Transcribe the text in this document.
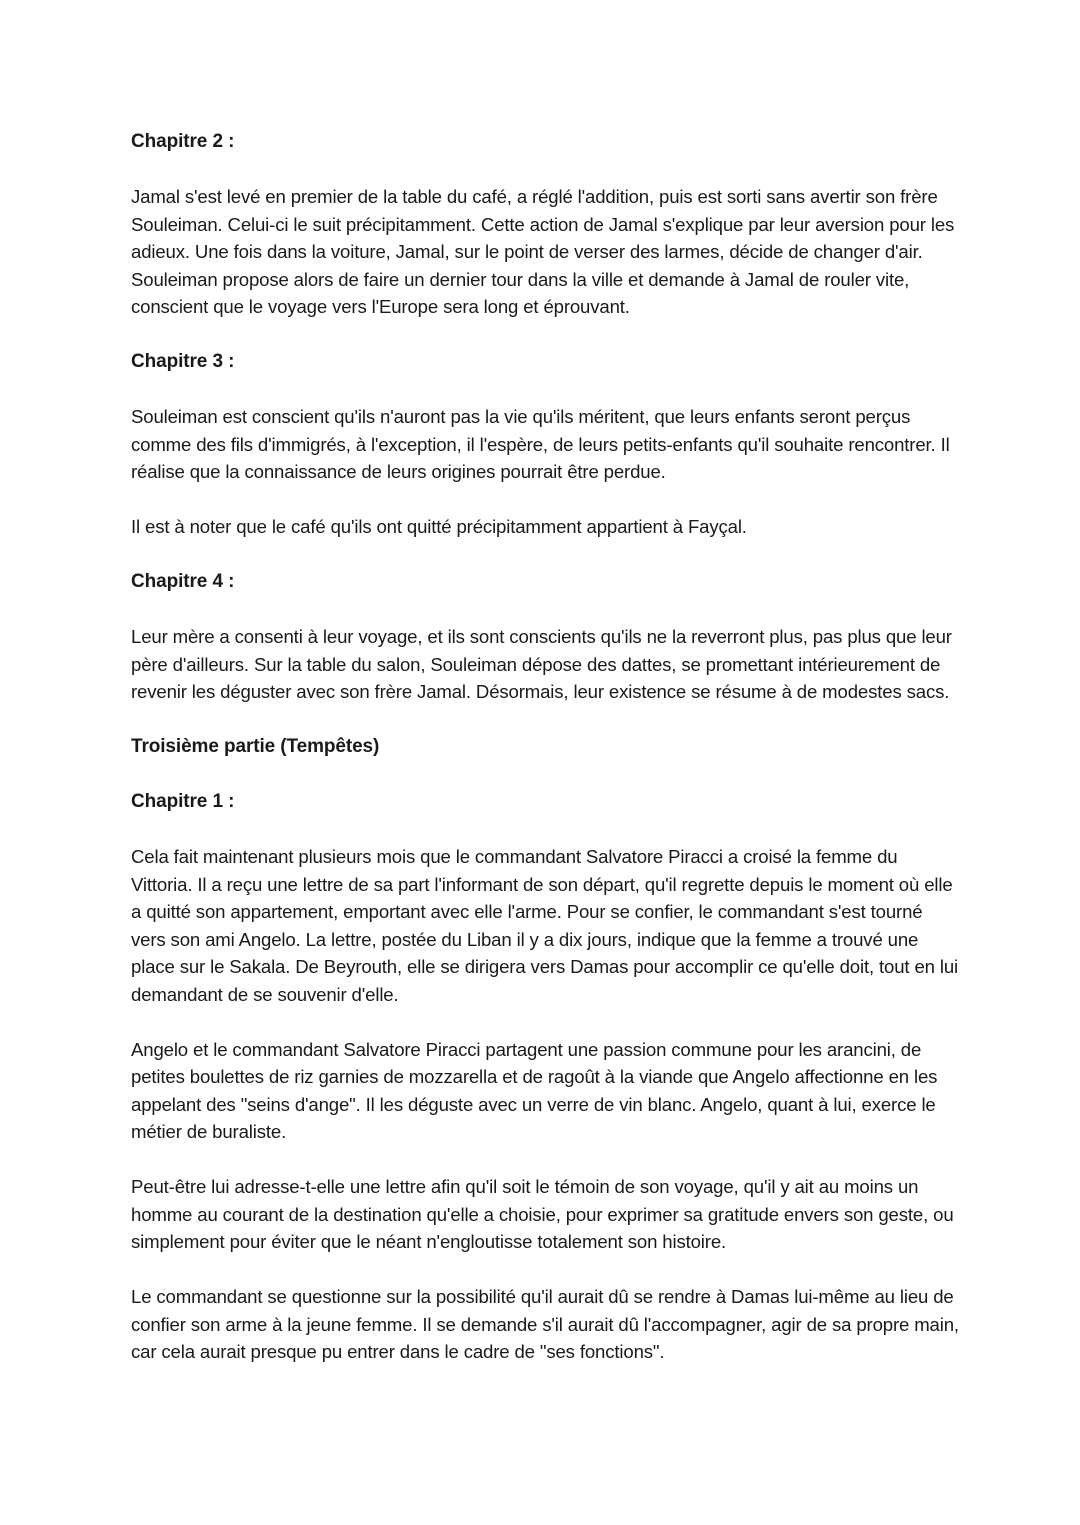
Chapitre 2 :
Jamal s'est levé en premier de la table du café, a réglé l'addition, puis est sorti sans avertir son frère Souleiman. Celui-ci le suit précipitamment. Cette action de Jamal s'explique par leur aversion pour les adieux. Une fois dans la voiture, Jamal, sur le point de verser des larmes, décide de changer d'air. Souleiman propose alors de faire un dernier tour dans la ville et demande à Jamal de rouler vite, conscient que le voyage vers l'Europe sera long et éprouvant.
Chapitre 3 :
Souleiman est conscient qu'ils n'auront pas la vie qu'ils méritent, que leurs enfants seront perçus comme des fils d'immigrés, à l'exception, il l'espère, de leurs petits-enfants qu'il souhaite rencontrer. Il réalise que la connaissance de leurs origines pourrait être perdue.
Il est à noter que le café qu'ils ont quitté précipitamment appartient à Fayçal.
Chapitre 4 :
Leur mère a consenti à leur voyage, et ils sont conscients qu'ils ne la reverront plus, pas plus que leur père d'ailleurs. Sur la table du salon, Souleiman dépose des dattes, se promettant intérieurement de revenir les déguster avec son frère Jamal. Désormais, leur existence se résume à de modestes sacs.
Troisième partie (Tempêtes)
Chapitre 1 :
Cela fait maintenant plusieurs mois que le commandant Salvatore Piracci a croisé la femme du Vittoria. Il a reçu une lettre de sa part l'informant de son départ, qu'il regrette depuis le moment où elle a quitté son appartement, emportant avec elle l'arme. Pour se confier, le commandant s'est tourné vers son ami Angelo. La lettre, postée du Liban il y a dix jours, indique que la femme a trouvé une place sur le Sakala. De Beyrouth, elle se dirigera vers Damas pour accomplir ce qu'elle doit, tout en lui demandant de se souvenir d'elle.
Angelo et le commandant Salvatore Piracci partagent une passion commune pour les arancini, de petites boulettes de riz garnies de mozzarella et de ragoût à la viande que Angelo affectionne en les appelant des "seins d'ange". Il les déguste avec un verre de vin blanc. Angelo, quant à lui, exerce le métier de buraliste.
Peut-être lui adresse-t-elle une lettre afin qu'il soit le témoin de son voyage, qu'il y ait au moins un homme au courant de la destination qu'elle a choisie, pour exprimer sa gratitude envers son geste, ou simplement pour éviter que le néant n'engloutisse totalement son histoire.
Le commandant se questionne sur la possibilité qu'il aurait dû se rendre à Damas lui-même au lieu de confier son arme à la jeune femme. Il se demande s'il aurait dû l'accompagner, agir de sa propre main, car cela aurait presque pu entrer dans le cadre de "ses fonctions".
